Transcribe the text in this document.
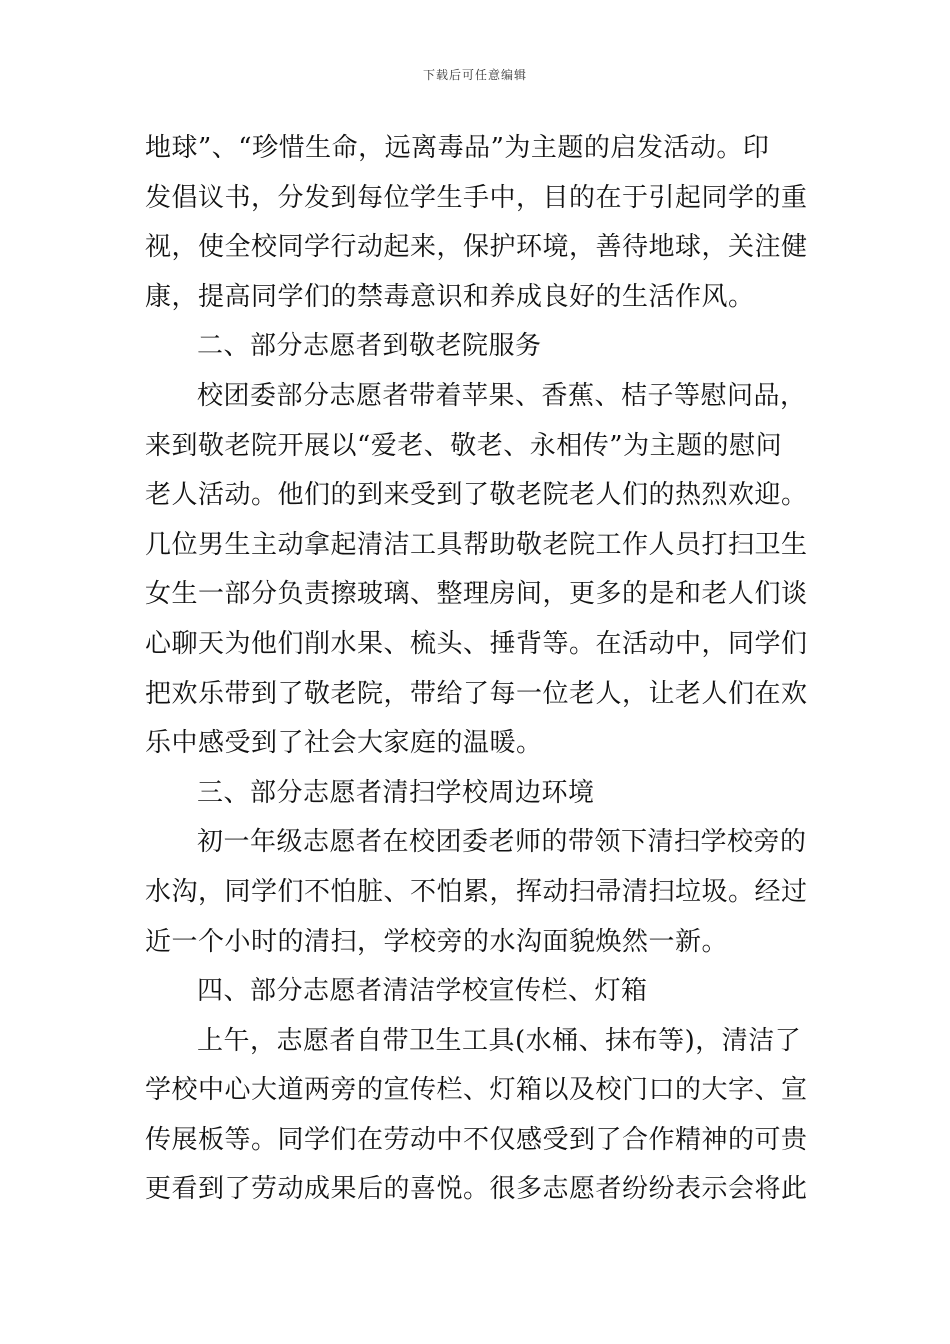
下载后可任意编辑
地球”、“珍惜生命，远离毒品”为主题的启发活动。印
发倡议书，分发到每位学生手中，目的在于引起同学的重
视，使全校同学行动起来，保护环境，善待地球，关注健
康，提高同学们的禁毒意识和养成良好的生活作风。
二、部分志愿者到敬老院服务
校团委部分志愿者带着苹果、香蕉、桔子等慰问品，
来到敬老院开展以“爱老、敬老、永相传”为主题的慰问
老人活动。他们的到来受到了敬老院老人们的热烈欢迎。
几位男生主动拿起清洁工具帮助敬老院工作人员打扫卫生
女生一部分负责擦玻璃、整理房间，更多的是和老人们谈
心聊天为他们削水果、梳头、捶背等。在活动中，同学们
把欢乐带到了敬老院，带给了每一位老人，让老人们在欢
乐中感受到了社会大家庭的温暖。
三、部分志愿者清扫学校周边环境
初一年级志愿者在校团委老师的带领下清扫学校旁的
水沟，同学们不怕脏、不怕累，挥动扫帚清扫垃圾。经过
近一个小时的清扫，学校旁的水沟面貌焕然一新。
四、部分志愿者清洁学校宣传栏、灯箱
上午，志愿者自带卫生工具(水桶、抹布等)，清洁了
学校中心大道两旁的宣传栏、灯箱以及校门口的大字、宣
传展板等。同学们在劳动中不仅感受到了合作精神的可贵
更看到了劳动成果后的喜悦。很多志愿者纷纷表示会将此
